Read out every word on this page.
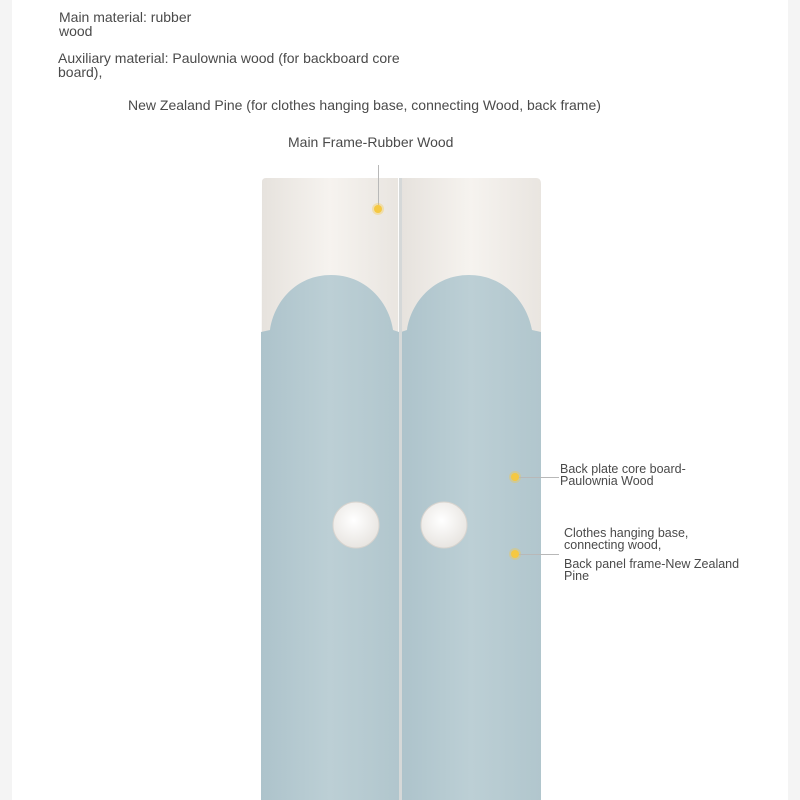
Main material: rubber wood
Auxiliary material: Paulownia wood (for backboard core board),
New Zealand Pine (for clothes hanging base, connecting Wood, back frame)
Main Frame-Rubber Wood
Back plate core board-Paulownia Wood
Clothes hanging base, connecting wood,
Back panel frame-New Zealand Pine
